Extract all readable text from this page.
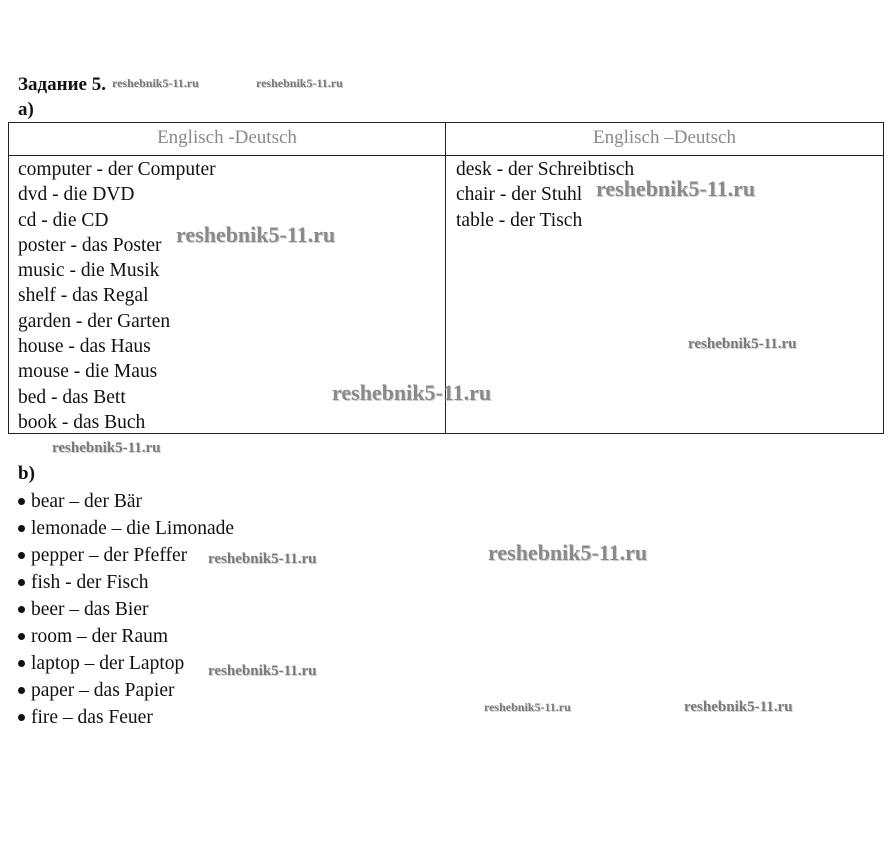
Задание 5.
a)
Englisch -Deutsch
computer - der Computer
dvd - die DVD
cd - die CD
poster - das Poster
music - die Musik
shelf - das Regal
garden - der Garten
house - das Haus
mouse - die Maus
bed - das Bett
book - das Buch
Englisch –Deutsch
desk - der Schreibtisch
chair - der Stuhl
table - der Tisch
b)
bear – der Bär
lemonade – die Limonade
pepper – der Pfeffer
fish - der Fisch
beer – das Bier
room – der Raum
laptop – der Laptop
paper – das Papier
fire – das Feuer
reshebnik5-11.ru	reshebnik5-11.ru
reshebnik5-11.ru
reshebnik5-11.ru
reshebnik5-11.ru
reshebnik5-11.ru
reshebnik5-11.ru
reshebnik5-11.ru
reshebnik5-11.ru
reshebnik5-11.ru
reshebnik5-11.ru	reshebnik5-11.ru
